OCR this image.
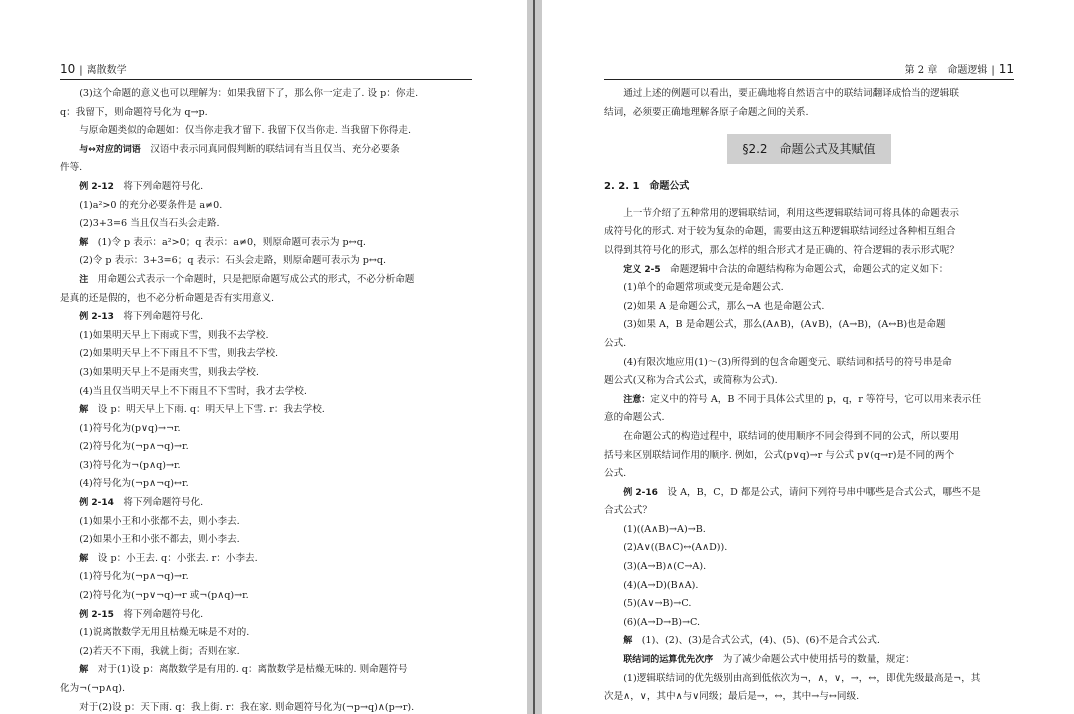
10 | 离散数学
(3)这个命题的意义也可以理解为：如果我留下了，那么你一定走了. 设 p：你走.
q：我留下，则命题符号化为 q→p.
与原命题类似的命题如：仅当你走我才留下. 我留下仅当你走. 当我留下你得走.
与↔对应的词语　汉语中表示同真同假判断的联结词有当且仅当、充分必要条
件等.
例 2-12　将下列命题符号化.
(1)a²>0 的充分必要条件是 a≠0.
(2)3+3=6 当且仅当石头会走路.
解　(1)令 p 表示：a²>0；q 表示：a≠0，则原命题可表示为 p↔q.
(2)令 p 表示：3+3=6；q 表示：石头会走路，则原命题可表示为 p↔q.
注　用命题公式表示一个命题时，只是把原命题写成公式的形式，不必分析命题
是真的还是假的，也不必分析命题是否有实用意义.
例 2-13　将下列命题符号化.
(1)如果明天早上下雨或下雪，则我不去学校.
(2)如果明天早上不下雨且不下雪，则我去学校.
(3)如果明天早上不是雨夹雪，则我去学校.
(4)当且仅当明天早上不下雨且不下雪时，我才去学校.
解　设 p：明天早上下雨. q：明天早上下雪. r：我去学校.
(1)符号化为(p∨q)→¬r.
(2)符号化为(¬p∧¬q)→r.
(3)符号化为¬(p∧q)→r.
(4)符号化为(¬p∧¬q)↔r.
例 2-14　将下列命题符号化.
(1)如果小王和小张都不去，则小李去.
(2)如果小王和小张不都去，则小李去.
解　设 p：小王去. q：小张去. r：小李去.
(1)符号化为(¬p∧¬q)→r.
(2)符号化为(¬p∨¬q)→r 或¬(p∧q)→r.
例 2-15　将下列命题符号化.
(1)说离散数学无用且枯燥无味是不对的.
(2)若天不下雨，我就上街；否则在家.
解　对于(1)设 p：离散数学是有用的. q：离散数学是枯燥无味的. 则命题符号
化为¬(¬p∧q).
对于(2)设 p：天下雨. q：我上街. r：我在家. 则命题符号化为(¬p→q)∧(p→r).
第 2 章　命题逻辑 | 11
通过上述的例题可以看出，要正确地将自然语言中的联结词翻译成恰当的逻辑联
结词，必须要正确地理解各原子命题之间的关系.
§2.2　命题公式及其赋值
2. 2. 1　命题公式
上一节介绍了五种常用的逻辑联结词，利用这些逻辑联结词可将具体的命题表示
成符号化的形式. 对于较为复杂的命题，需要由这五种逻辑联结词经过各种相互组合
以得到其符号化的形式，那么怎样的组合形式才是正确的、符合逻辑的表示形式呢？
定义 2-5　命题逻辑中合法的命题结构称为命题公式，命题公式的定义如下：
(1)单个的命题常项或变元是命题公式.
(2)如果 A 是命题公式，那么¬A 也是命题公式.
(3)如果 A，B 是命题公式，那么(A∧B)，(A∨B)，(A→B)，(A↔B)也是命题
公式.
(4)有限次地应用(1)～(3)所得到的包含命题变元、联结词和括号的符号串是命
题公式(又称为合式公式，或简称为公式).
注意：定义中的符号 A，B 不同于具体公式里的 p，q，r 等符号，它可以用来表示任
意的命题公式.
在命题公式的构造过程中，联结词的使用顺序不同会得到不同的公式，所以要用
括号来区别联结词作用的顺序. 例如，公式(p∨q)→r 与公式 p∨(q→r)是不同的两个
公式.
例 2-16　设 A，B，C，D 都是公式，请问下列符号串中哪些是合式公式，哪些不是
合式公式？
(1)((A∧B)→A)→B.
(2)A∨((B∧C)↔(A∧D)).
(3)(A→B)∧(C→A).
(4)(A→D)(B∧A).
(5)(A∨→B)→C.
(6)(A→D→B)→C.
解　(1)、(2)、(3)是合式公式，(4)、(5)、(6)不是合式公式.
联结词的运算优先次序　为了减少命题公式中使用括号的数量，规定：
(1)逻辑联结词的优先级别由高到低依次为¬，∧，∨，→，↔，即优先级最高是¬，其
次是∧，∨，其中∧与∨同级；最后是→，↔，其中→与↔同级.
